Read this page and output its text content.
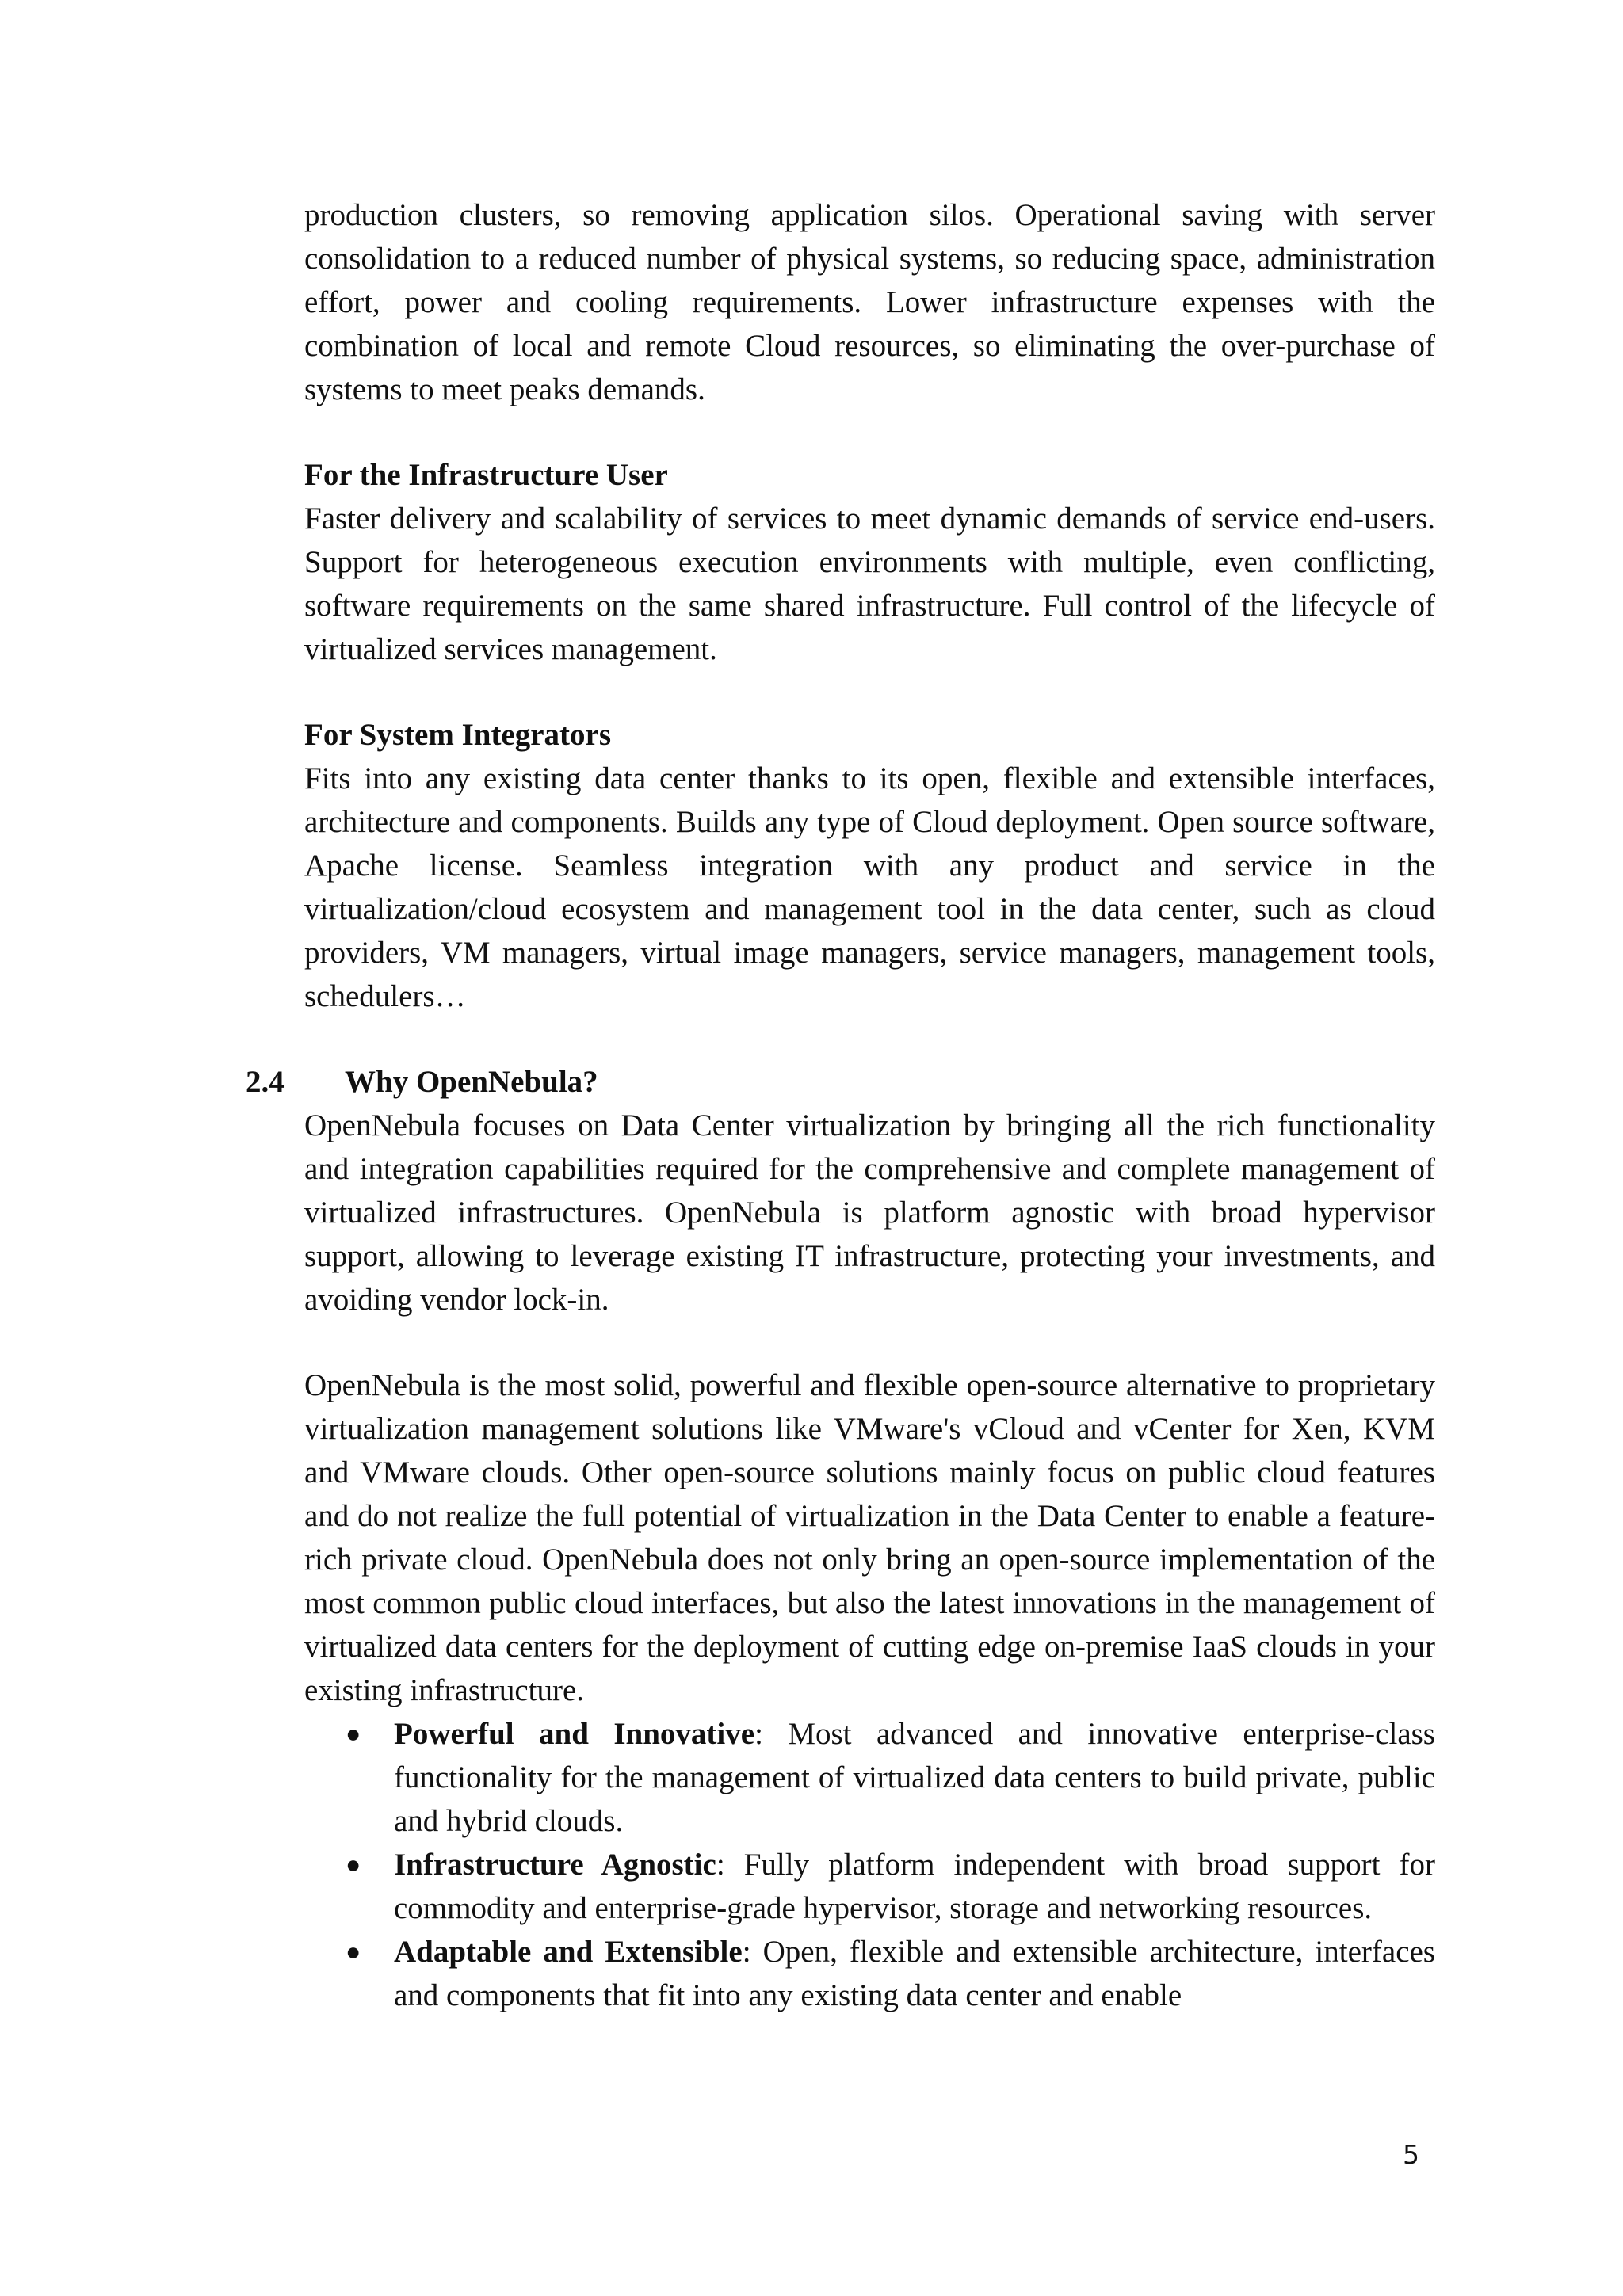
production clusters, so removing application silos. Operational saving with server consolidation to a reduced number of physical systems, so reducing space, administration effort, power and cooling requirements. Lower infrastructure expenses with the combination of local and remote Cloud resources, so eliminating the over-purchase of systems to meet peaks demands.

For the Infrastructure User

Faster delivery and scalability of services to meet dynamic demands of service end-users. Support for heterogeneous execution environments with multiple, even conflicting, software requirements on the same shared infrastructure. Full control of the lifecycle of virtualized services management.

For System Integrators

Fits into any existing data center thanks to its open, flexible and extensible interfaces, architecture and components. Builds any type of Cloud deployment. Open source software, Apache license. Seamless integration with any product and service in the virtualization/cloud ecosystem and management tool in the data center, such as cloud providers, VM managers, virtual image managers, service managers, management tools, schedulers…

2.4 Why OpenNebula?

OpenNebula focuses on Data Center virtualization by bringing all the rich functionality and integration capabilities required for the comprehensive and complete management of virtualized infrastructures. OpenNebula is platform agnostic with broad hypervisor support, allowing to leverage existing IT infrastructure, protecting your investments, and avoiding vendor lock-in.

OpenNebula is the most solid, powerful and flexible open-source alternative to proprietary virtualization management solutions like VMware's vCloud and vCenter for Xen, KVM and VMware clouds. Other open-source solutions mainly focus on public cloud features and do not realize the full potential of virtualization in the Data Center to enable a feature-rich private cloud. OpenNebula does not only bring an open-source implementation of the most common public cloud interfaces, but also the latest innovations in the management of virtualized data centers for the deployment of cutting edge on-premise IaaS clouds in your existing infrastructure.

● Powerful and Innovative: Most advanced and innovative enterprise-class functionality for the management of virtualized data centers to build private, public and hybrid clouds.
● Infrastructure Agnostic: Fully platform independent with broad support for commodity and enterprise-grade hypervisor, storage and networking resources.
● Adaptable and Extensible: Open, flexible and extensible architecture, interfaces and components that fit into any existing data center and enable
5
